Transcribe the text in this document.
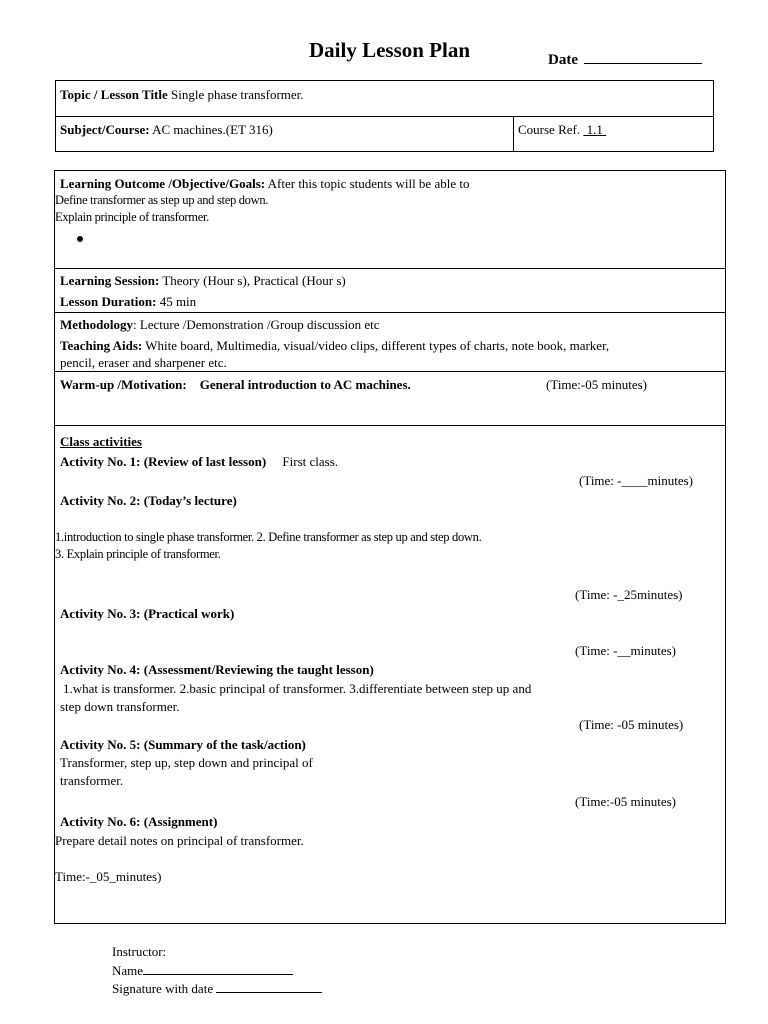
Daily Lesson Plan	Date
Topic / Lesson Title Single phase transformer.
Subject/Course: AC machines.(ET 316)	Course Ref. 1.1
Learning Outcome /Objective/Goals: After this topic students will be able to
Define transformer as step up and step down.
Explain principle of transformer.
Learning Session: Theory (Hour s), Practical (Hour s)
Lesson Duration: 45 min
Methodology: Lecture /Demonstration /Group discussion etc
Teaching Aids: White board, Multimedia, visual/video clips, different types of charts, note book, marker,
pencil, eraser and sharpener etc.
Warm-up /Motivation: General introduction to AC machines.	(Time:-05 minutes)
Class activities
Activity No. 1: (Review of last lesson) First class.
(Time: -____minutes)
Activity No. 2: (Today’s lecture)
1.introduction to single phase transformer. 2. Define transformer as step up and step down.
3. Explain principle of transformer.
(Time: -_25minutes)
Activity No. 3: (Practical work)
(Time: -__minutes)
Activity No. 4: (Assessment/Reviewing the taught lesson)
1.what is transformer. 2.basic principal of transformer. 3.differentiate between step up and
step down transformer.
(Time: -05 minutes)
Activity No. 5: (Summary of the task/action)
Transformer, step up, step down and principal of
transformer.
(Time:-05 minutes)
Activity No. 6: (Assignment)
Prepare detail notes on principal of transformer.
Time:-_05_minutes)
Instructor:
Name
Signature with date
